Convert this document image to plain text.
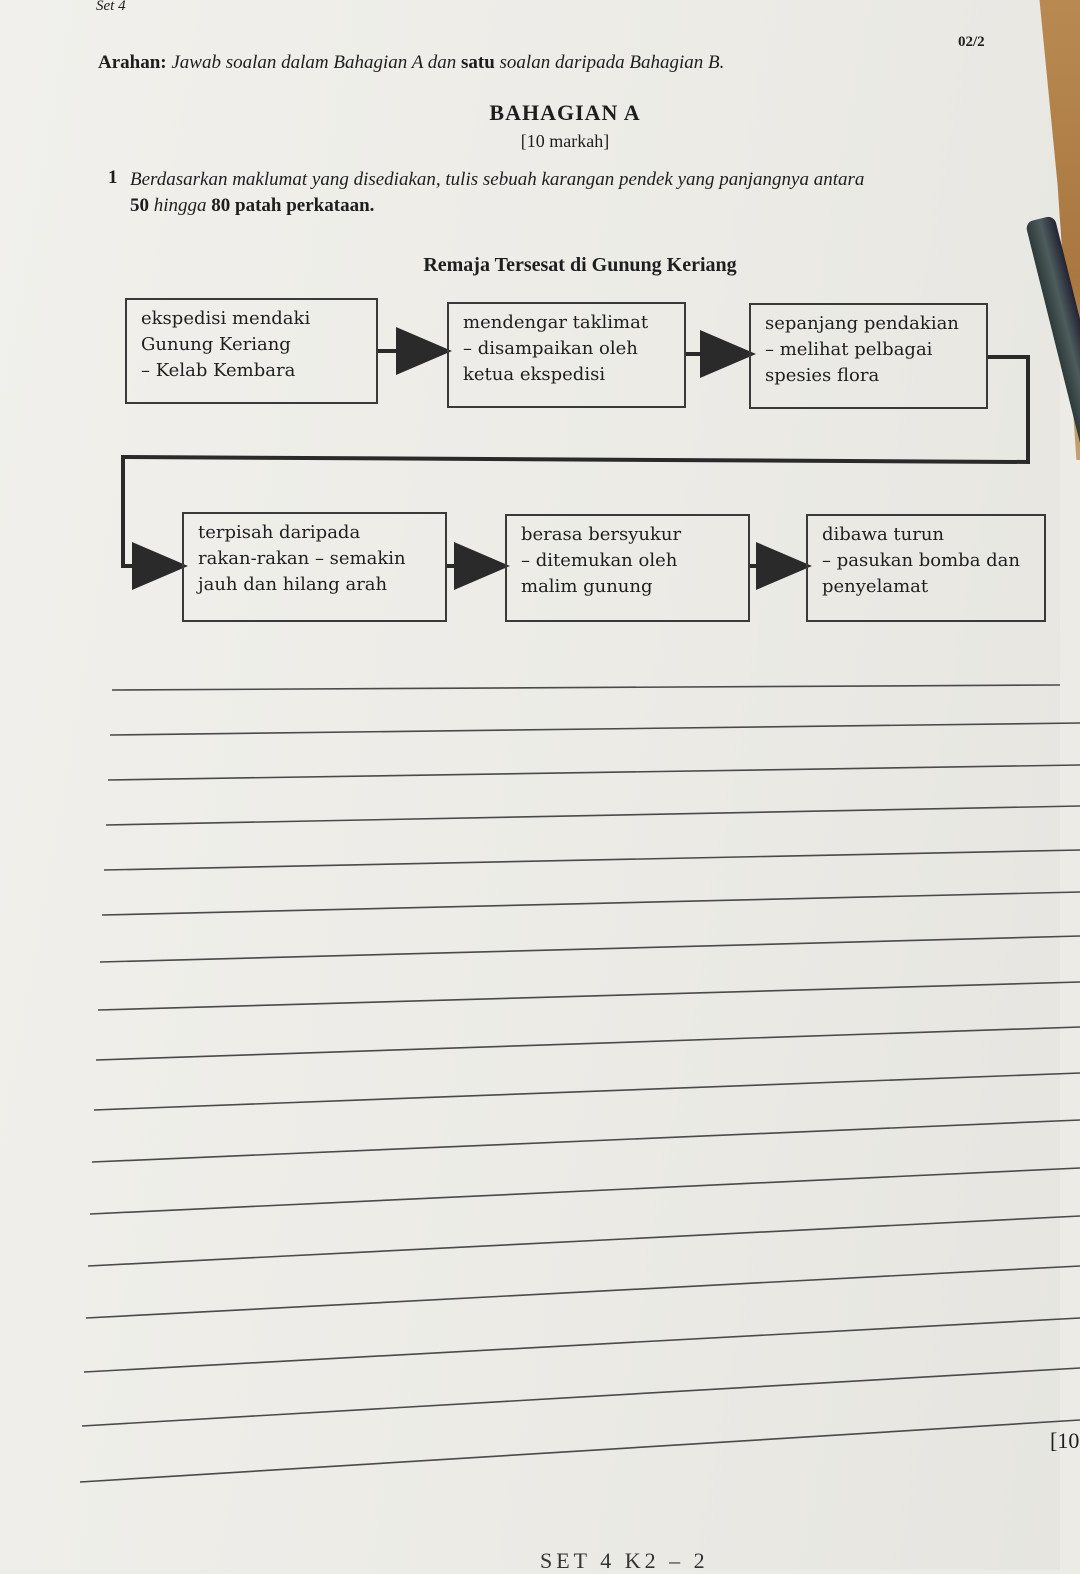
Set 4
02/2
Arahan: Jawab soalan dalam Bahagian A dan satu soalan daripada Bahagian B.
BAHAGIAN A
[10 markah]
1 Berdasarkan maklumat yang disediakan, tulis sebuah karangan pendek yang panjangnya antara
50 hingga 80 patah perkataan.
Remaja Tersesat di Gunung Keriang
ekspedisi mendaki
Gunung Keriang
– Kelab Kembara
mendengar taklimat
– disampaikan oleh
ketua ekspedisi
sepanjang pendakian
– melihat pelbagai
spesies flora
terpisah daripada
rakan-rakan – semakin
jauh dan hilang arah
berasa bersyukur
– ditemukan oleh
malim gunung
dibawa turun
– pasukan bomba dan
penyelamat
[10
SET 4 K2 – 2
